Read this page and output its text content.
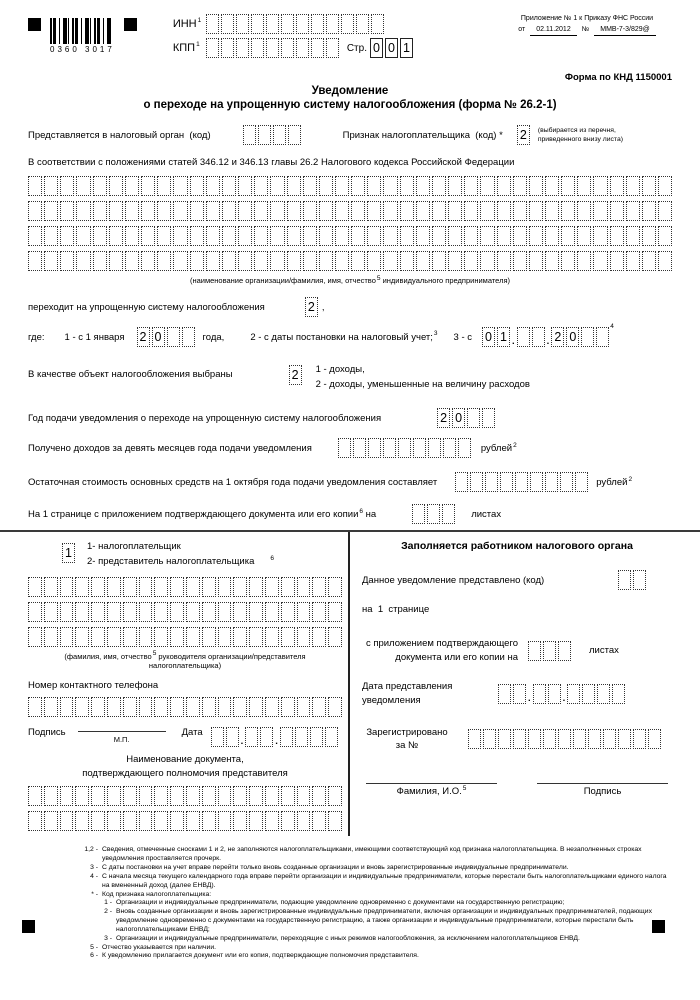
0360 3017
ИНН$^1$
КПП$^1$	Стр. 0 0 1
Приложение № 1 к Приказу ФНС России
от	02.11.2012	№	ММВ-7-3/829@
Форма по КНД 1150001
Уведомление
о переходе на упрощенную систему налогообложения (форма № 26.2-1)
Представляется в налоговый орган (код)	Признак налогоплательщика (код) * 2	(выбирается из перечня,
приведенного внизу листа)
В соответствии с положениями статей 346.12 и 346.13 главы 26.2 Налогового кодекса Российской Федерации
(наименование организации/фамилия, имя, отчество$^5$ индивидуального предпринимателя)
переходит на упрощенную систему налогообложения	2 ,
где: 1 - с 1 января 2 0	года,	2 - с даты постановки на налоговый учет;$^3$ 3 - с 0 1 .	. 2 0
4
В качестве объект налогообложения выбраны	2	1 - доходы,
2 - доходы, уменьшенные на величину расходов
Год подачи уведомления о переходе на упрощенную систему налогообложения	2 0
Получено доходов за девять месяцев года подачи уведомления	рублей$^2$
Остаточная стоимость основных средств на 1 октября года подачи уведомления составляет	рублей$^2$
На 1 странице с приложением подтверждающего документа или его копии$^6$ на	листах
1	1- налогоплательщик
2- представитель налогоплательщика $^6$
(фамилия, имя, отчество$^5$ руководителя организации/представителя
налогоплательщика)
Номер контактного телефона
Подпись
М.П.
Дата
.	.
Наименование документа,
подтверждающего полномочия представителя
Заполняется работником налогового органа
Данное уведомление представлено (код)
на 1 странице
с приложением подтверждающего
документа или его копии на
листах
Дата представления
уведомления	.	.
Зарегистрировано
за №
Фамилия, И.О.$^5$	Подпись
1,2 - Сведения, отмеченные сносками 1 и 2, не заполняются налогоплательщиками, имеющими соответствующий код признака налогоплательщика. В незаполненных строках уведомления проставляется прочерк.
3 - С даты постановки на учет вправе перейти только вновь созданные организации и вновь зарегистрированные индивидуальные предприниматели.
4 - С начала месяца текущего календарного года вправе перейти организации и индивидуальные предприниматели, которые перестали быть налогоплательщиками единого налога на вмененный доход (далее ЕНВД).
* - Код признака налогоплательщика:
1 - Организации и индивидуальные предприниматели, подающие уведомление одновременно с документами на государственную регистрацию;
2 - Вновь созданные организации и вновь зарегистрированные индивидуальные предприниматели, включая организации и индивидуальных предпринимателей, подающих уведомление одновременно с документами на государственную регистрацию, а также организации и индивидуальные предприниматели, которые перестали быть налогоплательщиками ЕНВД;
3 - Организации и индивидуальные предприниматели, переходящие с иных режимов налогообложения, за исключением налогоплательщиков ЕНВД.
5 - Отчество указывается при наличии.
6 - К уведомлению прилагается документ или его копия, подтверждающие полномочия представителя.
